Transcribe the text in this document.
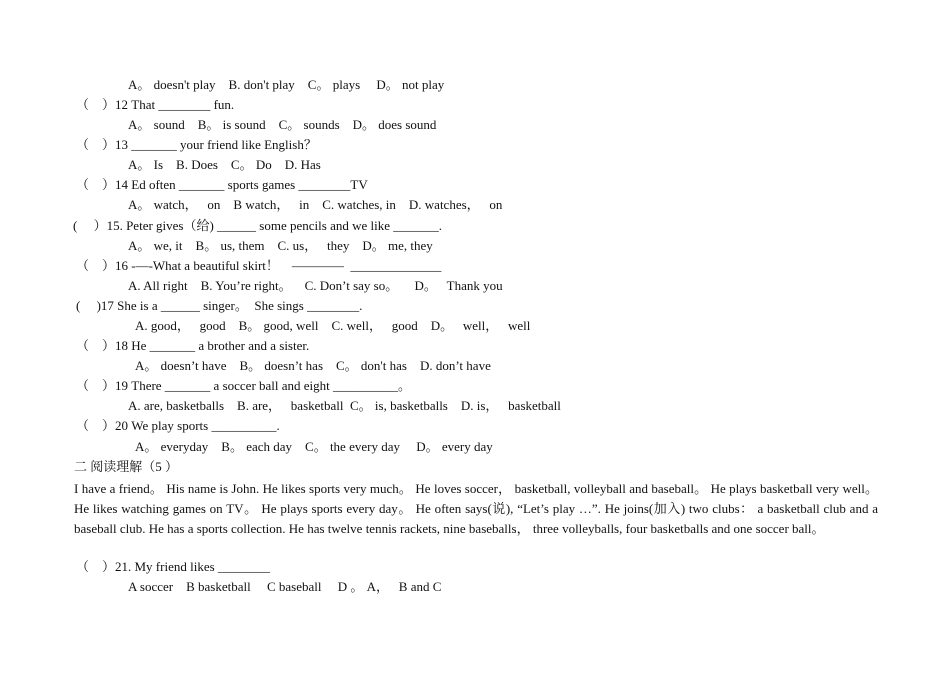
A。 doesn't play    B. don't play    C。 plays     D。 not play
（    ）12 That ________ fun.
A。 sound    B。 is sound    C。 sounds    D。 does sound
（    ）13 _______ your friend like English？
A。 Is    B. Does    C。 Do    D. Has
（    ）14 Ed often _______ sports games ________TV
A。 watch，   on    B watch，   in    C. watches, in    D. watches，   on
(     ）15. Peter gives（给) ______ some pencils and we like _______.
A。 we, it    B。 us, them    C. us，   they    D。 me, they
（    ）16 -—-What a beautiful skirt！    ————  ______________
A. All right    B. You’re right。    C. Don’t say so。     D。   Thank you
(     )17 She is a ______ singer。  She sings ________.
A. good，   good    B。 good, well    C. well，   good    D。   well，   well
（    ）18 He _______ a brother and a sister.
A。 doesn’t have    B。 doesn’t has    C。 don't has    D. don’t have
（    ）19 There _______ a soccer ball and eight __________。
A. are, basketballs    B. are，   basketball  C。 is, basketballs    D. is，   basketball
（    ）20 We play sports __________.
A。 everyday    B。 each day    C。 the every day     D。 every day
二 阅读理解（5 ）
I have a friend。 His name is John. He likes sports very much。 He loves soccer， basketball, volleyball and baseball。 He plays basketball very well。 He likes watching games on TV。 He plays sports every day。 He often says(说), “Let’s play …”. He joins(加入) two clubs： a basketball club and a baseball club. He has a sports collection. He has twelve tennis rackets, nine baseballs， three volleyballs, four basketballs and one soccer ball。
（    ）21. My friend likes ________
A soccer    B basketball     C baseball     D 。 A，   B and C
